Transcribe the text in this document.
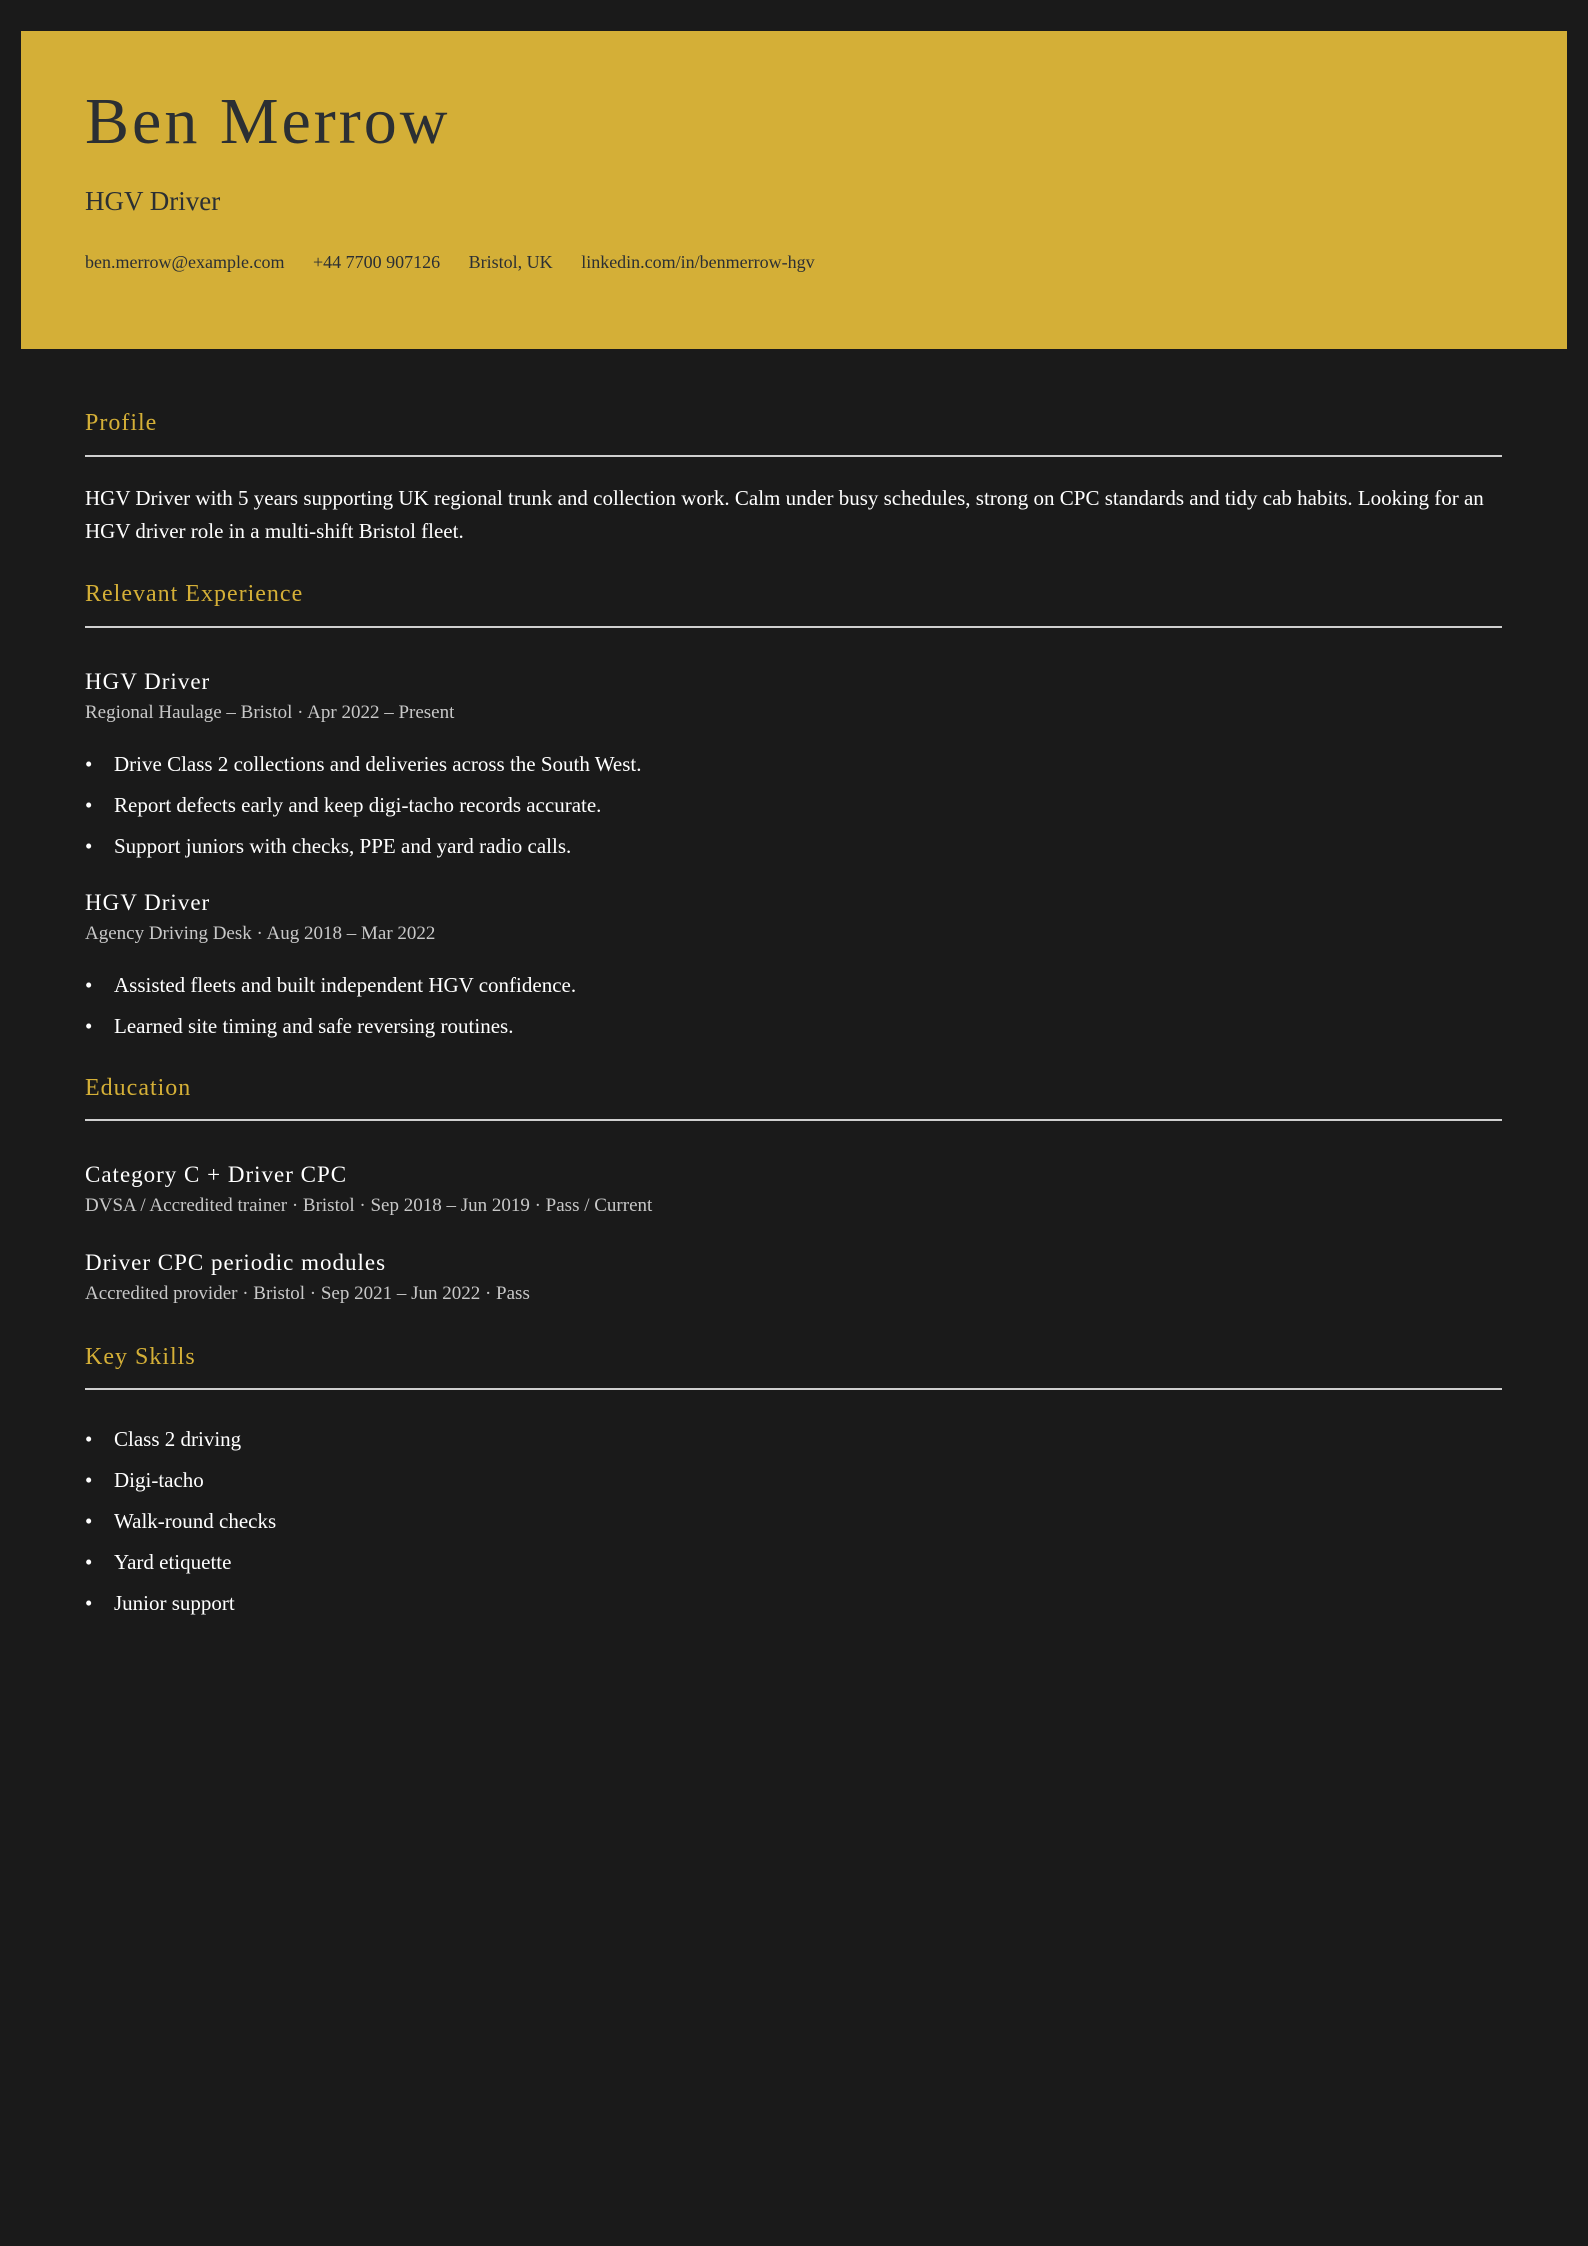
Ben Merrow
HGV Driver
ben.merrow@example.com +44 7700 907126 Bristol, UK linkedin.com/in/benmerrow-hgv
Profile
HGV Driver with 5 years supporting UK regional trunk and collection work. Calm under busy schedules, strong on CPC standards and tidy cab habits. Looking for an HGV driver role in a multi-shift Bristol fleet.
Relevant Experience
HGV Driver
Regional Haulage – Bristol · Apr 2022 – Present
• Drive Class 2 collections and deliveries across the South West.
• Report defects early and keep digi-tacho records accurate.
• Support juniors with checks, PPE and yard radio calls.
HGV Driver
Agency Driving Desk · Aug 2018 – Mar 2022
• Assisted fleets and built independent HGV confidence.
• Learned site timing and safe reversing routines.
Education
Category C + Driver CPC
DVSA / Accredited trainer · Bristol · Sep 2018 – Jun 2019 · Pass / Current
Driver CPC periodic modules
Accredited provider · Bristol · Sep 2021 – Jun 2022 · Pass
Key Skills
• Class 2 driving
• Digi-tacho
• Walk-round checks
• Yard etiquette
• Junior support
